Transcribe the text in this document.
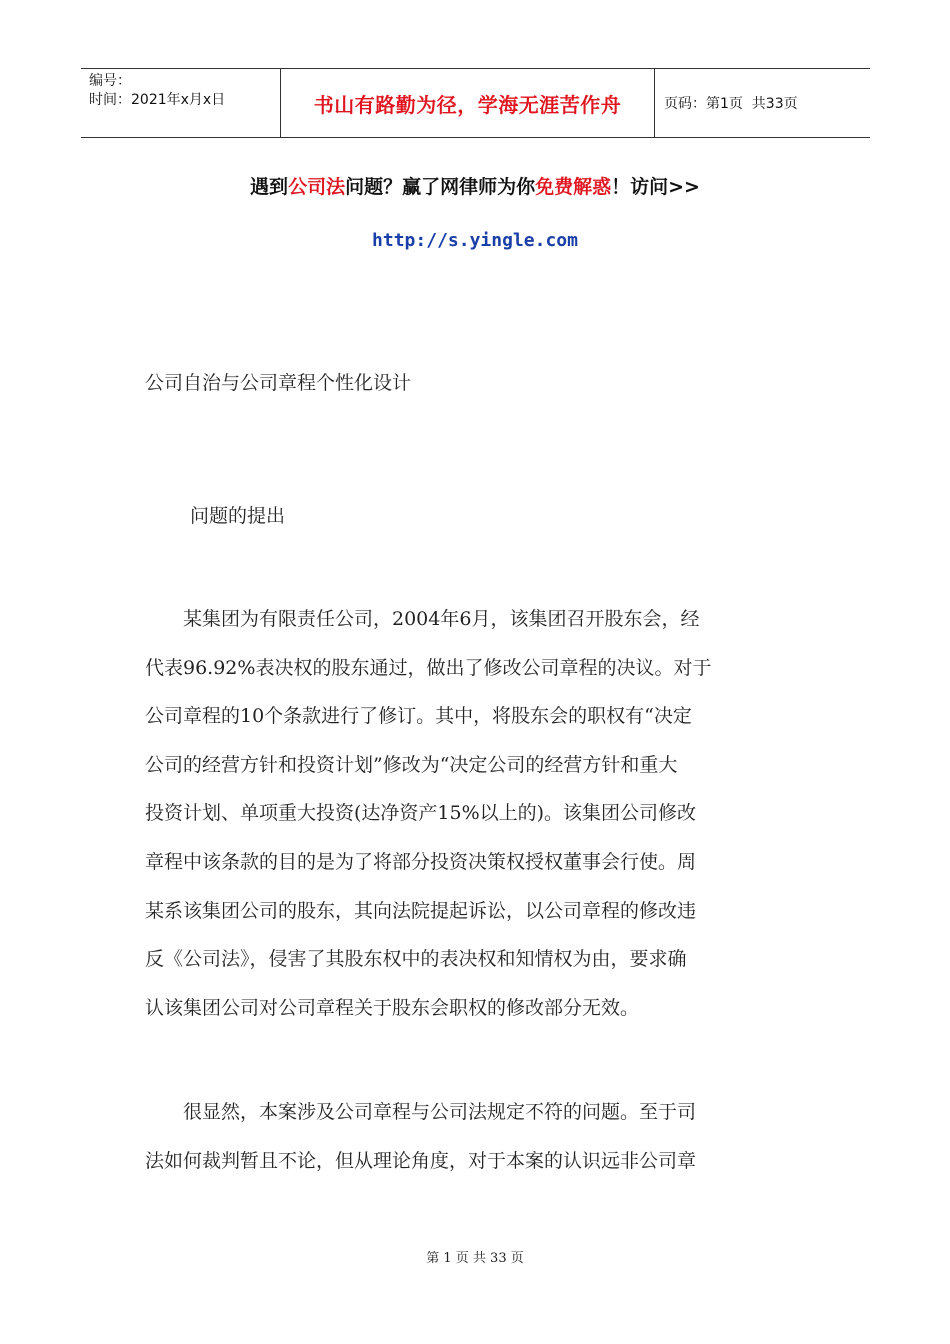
编号：
时间：2021年x月x日	书山有路勤为径，学海无涯苦作舟	页码：第1页  共33页
遇到公司法问题？赢了网律师为你免费解惑！访问>>
http://s.yingle.com
公司自治与公司章程个性化设计
问题的提出
　　某集团为有限责任公司，2004年6月，该集团召开股东会，经
代表96.92%表决权的股东通过，做出了修改公司章程的决议。对于
公司章程的10个条款进行了修订。其中，将股东会的职权有“决定
公司的经营方针和投资计划”修改为“决定公司的经营方针和重大
投资计划、单项重大投资(达净资产15%以上的)。该集团公司修改
章程中该条款的目的是为了将部分投资决策权授权董事会行使。周
某系该集团公司的股东，其向法院提起诉讼，以公司章程的修改违
反《公司法》，侵害了其股东权中的表决权和知情权为由，要求确
认该集团公司对公司章程关于股东会职权的修改部分无效。
　　很显然，本案涉及公司章程与公司法规定不符的问题。至于司
法如何裁判暂且不论，但从理论角度，对于本案的认识远非公司章
第 1 页 共 33 页
